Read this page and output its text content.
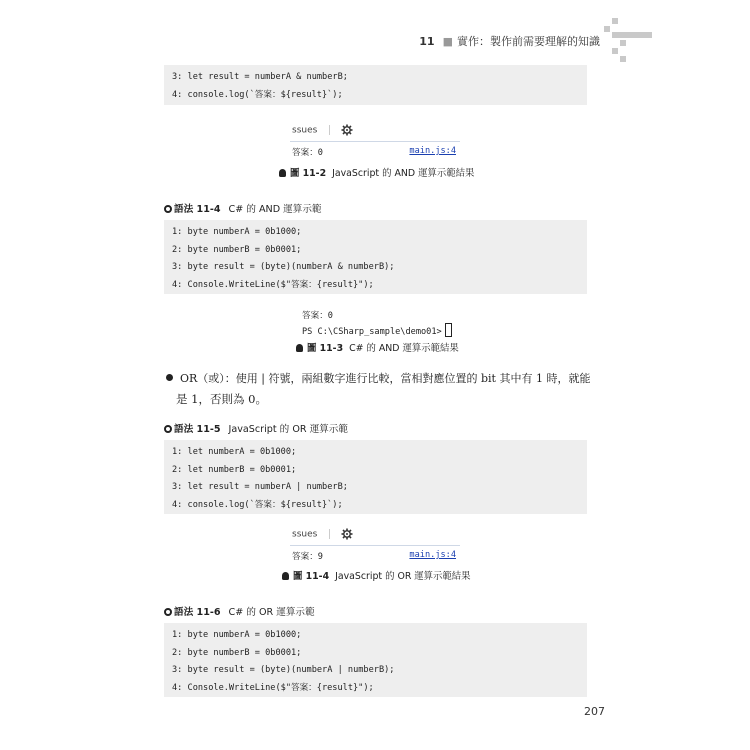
11 ■ 實作：製作前需要理解的知識
3: let result = numberA & numberB;
4: console.log(`答案：${result}`);
ssues
答案：0	main.js:4
圖 11-2 JavaScript 的 AND 運算示範結果
語法 11-4 C# 的 AND 運算示範
1: byte numberA = 0b1000;
2: byte numberB = 0b0001;
3: byte result = (byte)(numberA & numberB);
4: Console.WriteLine($"答案：{result}");
答案：0
PS C:\CSharp_sample\demo01>
圖 11-3 C# 的 AND 運算示範結果
OR（或）：使用 | 符號，兩組數字進行比較，當相對應位置的 bit 其中有 1 時，就能
是 1，否則為 0。
語法 11-5 JavaScript 的 OR 運算示範
1: let numberA = 0b1000;
2: let numberB = 0b0001;
3: let result = numberA | numberB;
4: console.log(`答案：${result}`);
ssues
答案：9	main.js:4
圖 11-4 JavaScript 的 OR 運算示範結果
語法 11-6 C# 的 OR 運算示範
1: byte numberA = 0b1000;
2: byte numberB = 0b0001;
3: byte result = (byte)(numberA | numberB);
4: Console.WriteLine($"答案：{result}");
207
